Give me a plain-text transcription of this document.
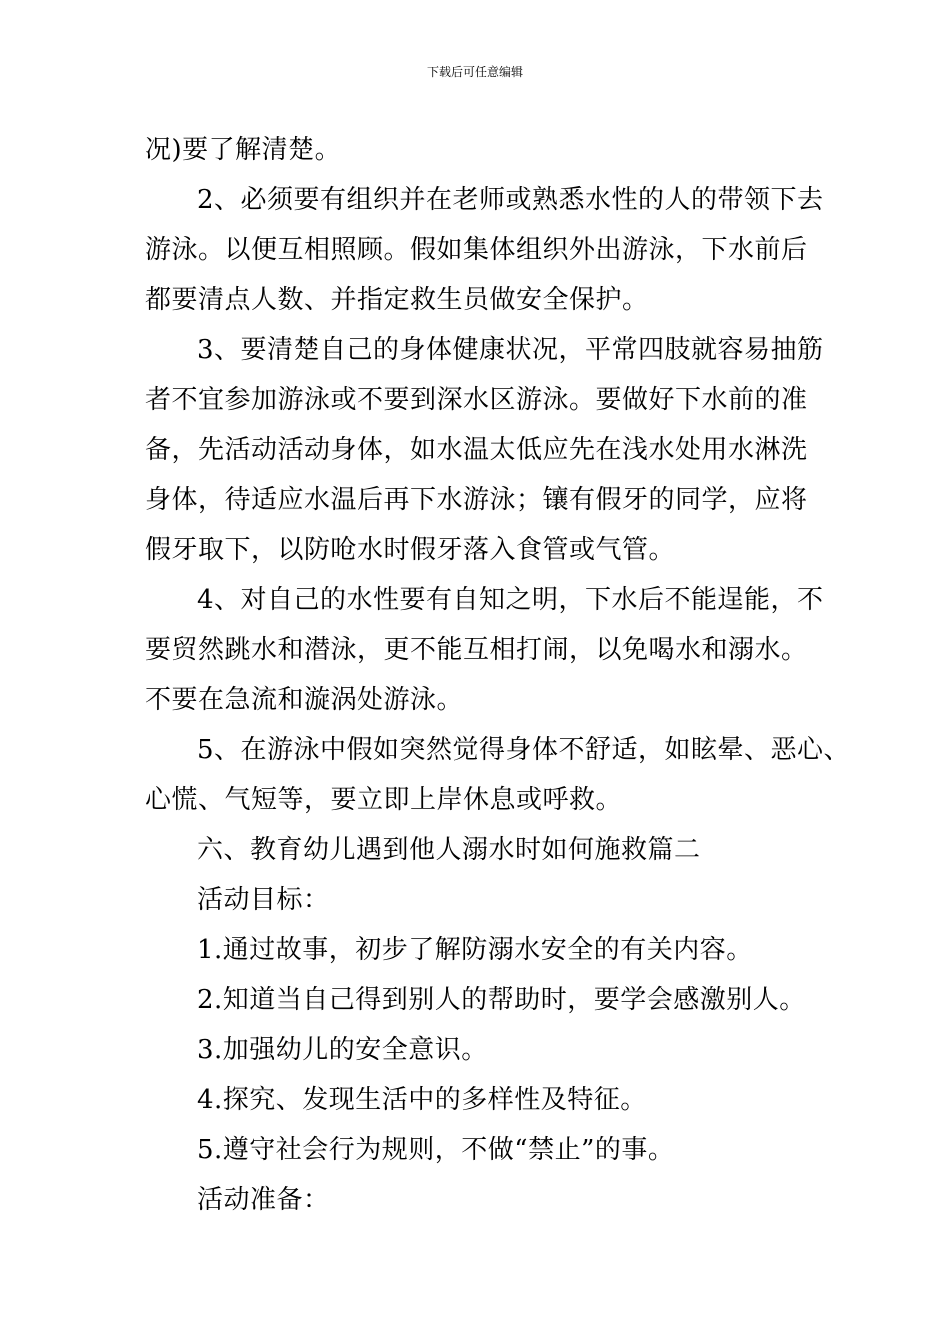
下载后可任意编辑

况)要了解清楚。

2、必须要有组织并在老师或熟悉水性的人的带领下去
游泳。以便互相照顾。假如集体组织外出游泳，下水前后
都要清点人数、并指定救生员做安全保护。

3、要清楚自己的身体健康状况，平常四肢就容易抽筋
者不宜参加游泳或不要到深水区游泳。要做好下水前的准
备，先活动活动身体，如水温太低应先在浅水处用水淋洗
身体，待适应水温后再下水游泳；镶有假牙的同学，应将
假牙取下，以防呛水时假牙落入食管或气管。

4、对自己的水性要有自知之明，下水后不能逞能，不
要贸然跳水和潜泳，更不能互相打闹，以免喝水和溺水。
不要在急流和漩涡处游泳。

5、在游泳中假如突然觉得身体不舒适，如眩晕、恶心、
心慌、气短等，要立即上岸休息或呼救。

六、教育幼儿遇到他人溺水时如何施救篇二

活动目标：

1.通过故事，初步了解防溺水安全的有关内容。

2.知道当自己得到别人的帮助时，要学会感激别人。

3.加强幼儿的安全意识。

4.探究、发现生活中的多样性及特征。

5.遵守社会行为规则，不做“禁止”的事。

活动准备：
